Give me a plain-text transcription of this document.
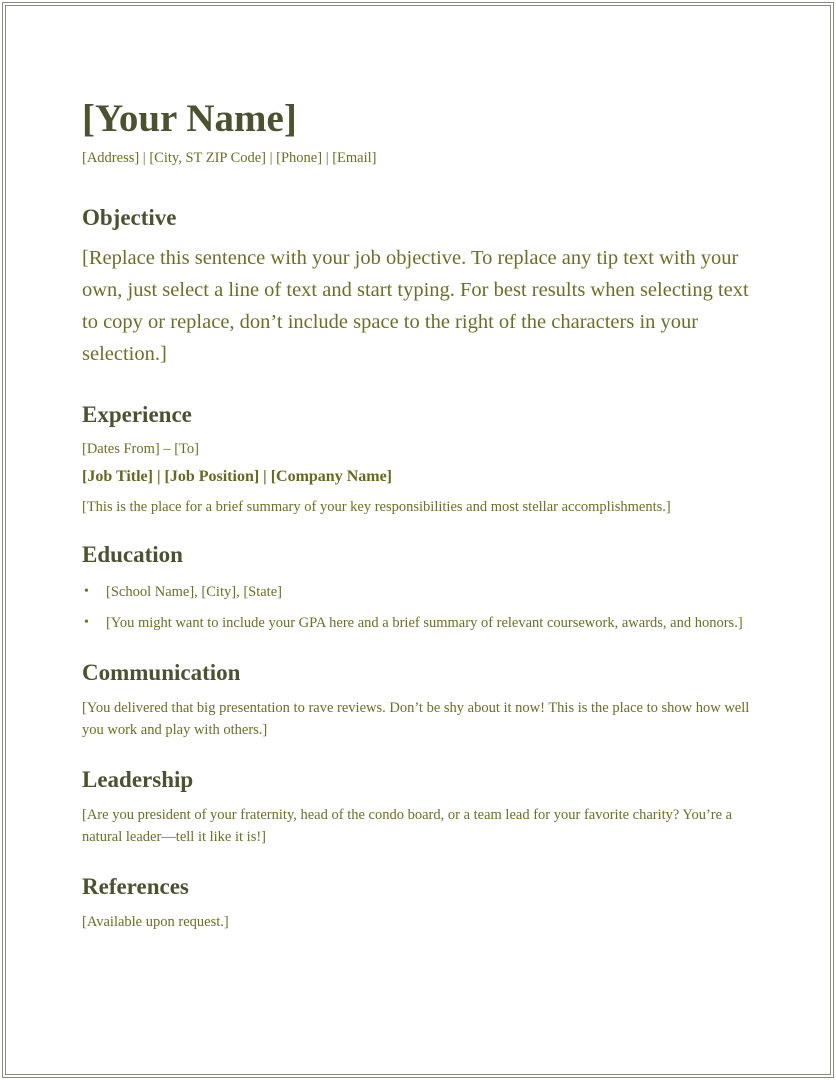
[Your Name]

[Address] | [City, ST ZIP Code] | [Phone] | [Email]

Objective

[Replace this sentence with your job objective. To replace any tip text with your own, just select a line of text and start typing. For best results when selecting text to copy or replace, don’t include space to the right of the characters in your selection.]

Experience

[Dates From] – [To]

[Job Title] | [Job Position] | [Company Name]

[This is the place for a brief summary of your key responsibilities and most stellar accomplishments.]

Education
• [School Name], [City], [State]
• [You might want to include your GPA here and a brief summary of relevant coursework, awards, and honors.]
Communication

[You delivered that big presentation to rave reviews. Don’t be shy about it now! This is the place to show how well you work and play with others.]

Leadership

[Are you president of your fraternity, head of the condo board, or a team lead for your favorite charity? You’re a natural leader—tell it like it is!]

References

[Available upon request.]
